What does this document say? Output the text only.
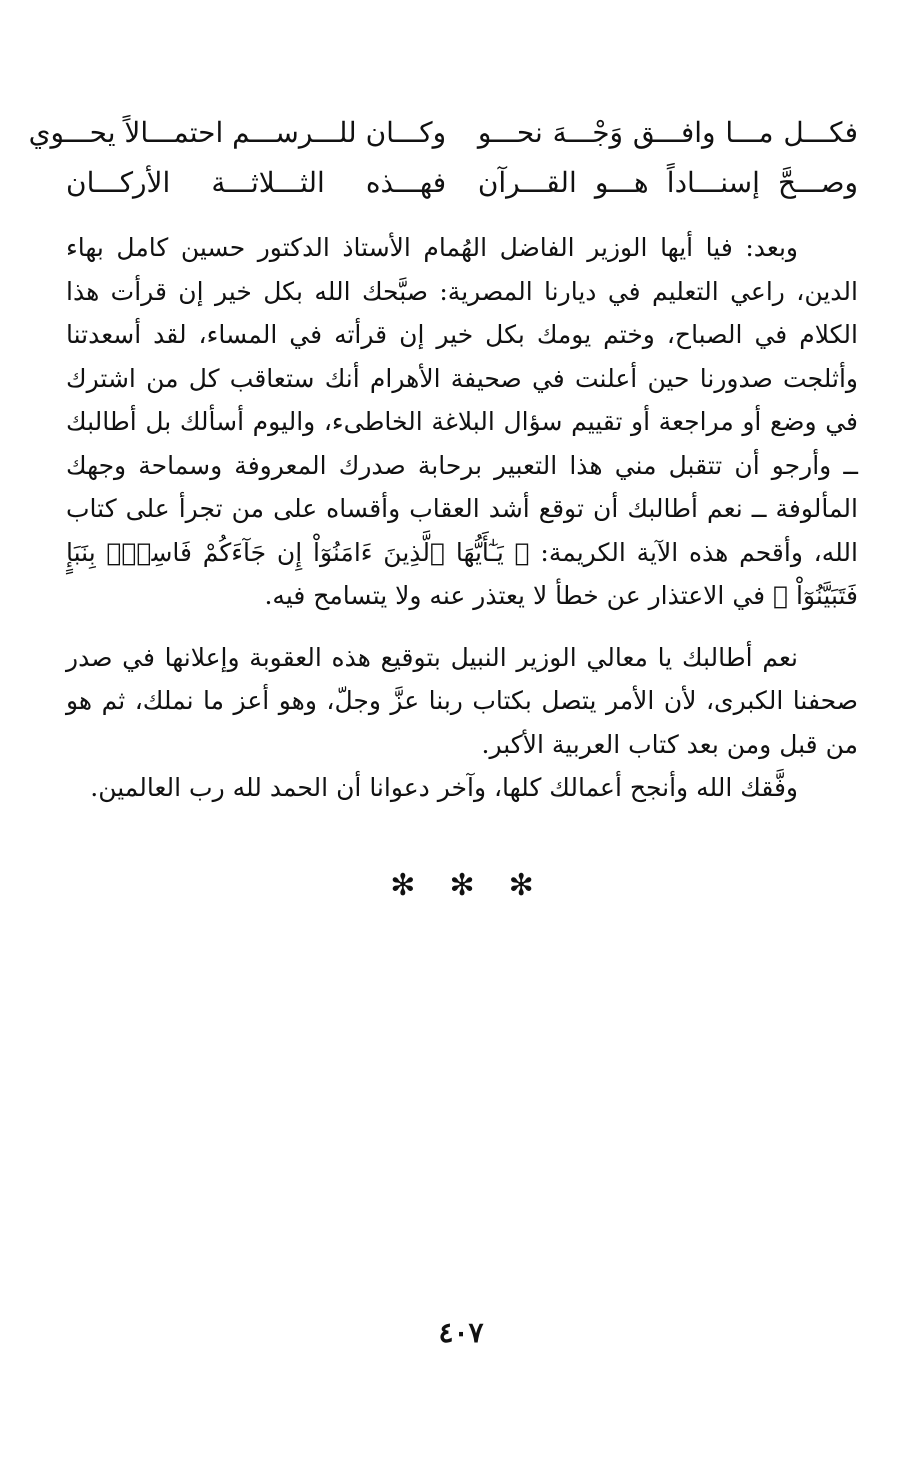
فكـــل مـــا وافـــق وَجْـــهَ نحـــو
وكـــان للـــرســـم احتمـــالاً يحـــوي
وصـــحَّ إسنـــاداً هـــو القـــرآن
فهـــذه الثـــلاثـــة الأركـــان

وبعد: فيا أيها الوزير الفاضل الهُمام الأستاذ الدكتور حسين كامل بهاء الدين، راعي التعليم في ديارنا المصرية: صبَّحك الله بكل خير إن قرأت هذا الكلام في الصباح، وختم يومك بكل خير إن قرأته في المساء، لقد أسعدتنا وأثلجت صدورنا حين أعلنت في صحيفة الأهرام أنك ستعاقب كل من اشترك في وضع أو مراجعة أو تقييم سؤال البلاغة الخاطىء، واليوم أسألك بل أطالبك ــ وأرجو أن تتقبل مني هذا التعبير برحابة صدرك المعروفة وسماحة وجهك المألوفة ــ نعم أطالبك أن توقع أشد العقاب وأقساه على من تجرأ على كتاب الله، وأقحم هذه الآية الكريمة: ﴿ يَـٰٓأَيُّهَا ٱلَّذِينَ ءَامَنُوٓاْ إِن جَآءَكُمْ فَاسِقُۢ بِنَبَإٍ فَتَبَيَّنُوٓاْ ﴾ في الاعتذار عن خطأ لا يعتذر عنه ولا يتسامح فيه.

نعم أطالبك يا معالي الوزير النبيل بتوقيع هذه العقوبة وإعلانها في صدر صحفنا الكبرى، لأن الأمر يتصل بكتاب ربنا عزَّ وجلّ، وهو أعز ما نملك، ثم هو من قبل ومن بعد كتاب العربية الأكبر.

وفَّقك الله وأنجح أعمالك كلها، وآخر دعوانا أن الحمد لله رب العالمين.

✻
✻
✻
٤٠٧
